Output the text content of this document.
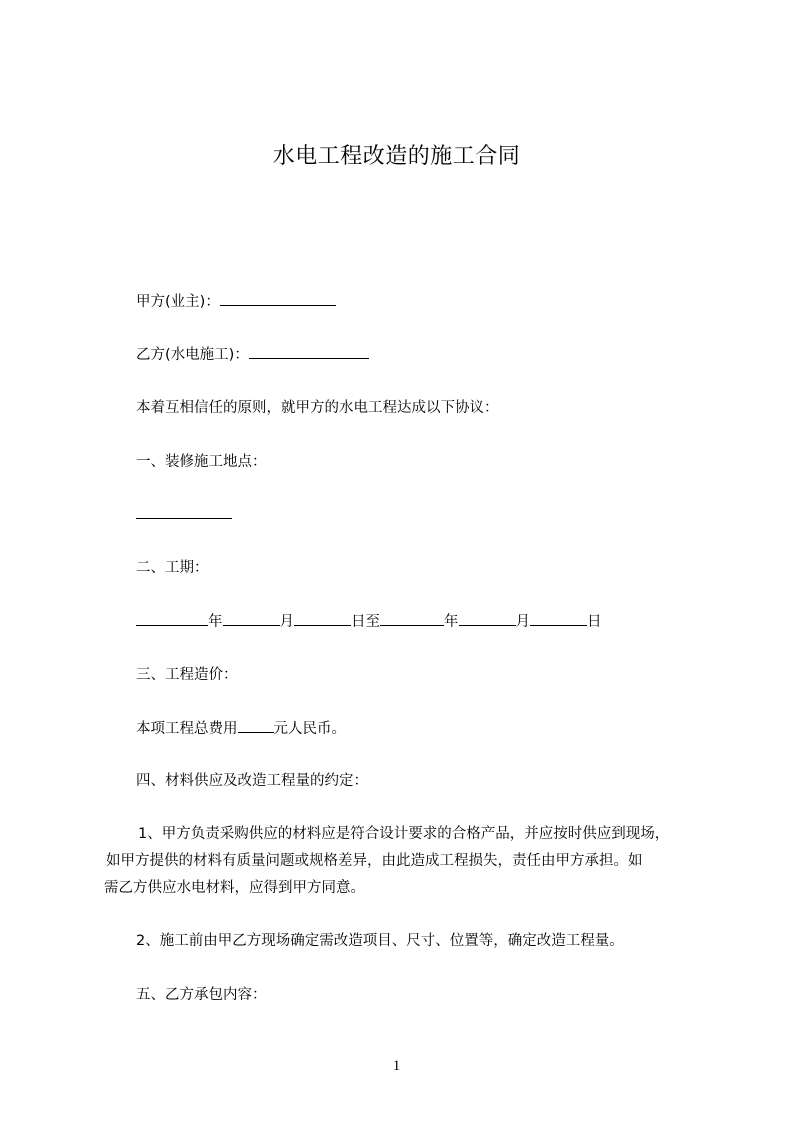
水电工程改造的施工合同
甲方(业主)：
乙方(水电施工)：
本着互相信任的原则，就甲方的水电工程达成以下协议：
一、装修施工地点：
二、工期：
年	月	日至	年	月	日
三、工程造价：
本项工程总费用 元人民币。
四、材料供应及改造工程量的约定：
1、甲方负责采购供应的材料应是符合设计要求的合格产品，并应按时供应到现场，
如甲方提供的材料有质量问题或规格差异，由此造成工程损失，责任由甲方承担。如
需乙方供应水电材料，应得到甲方同意。
2、施工前由甲乙方现场确定需改造项目、尺寸、位置等，确定改造工程量。
五、乙方承包内容：
1
